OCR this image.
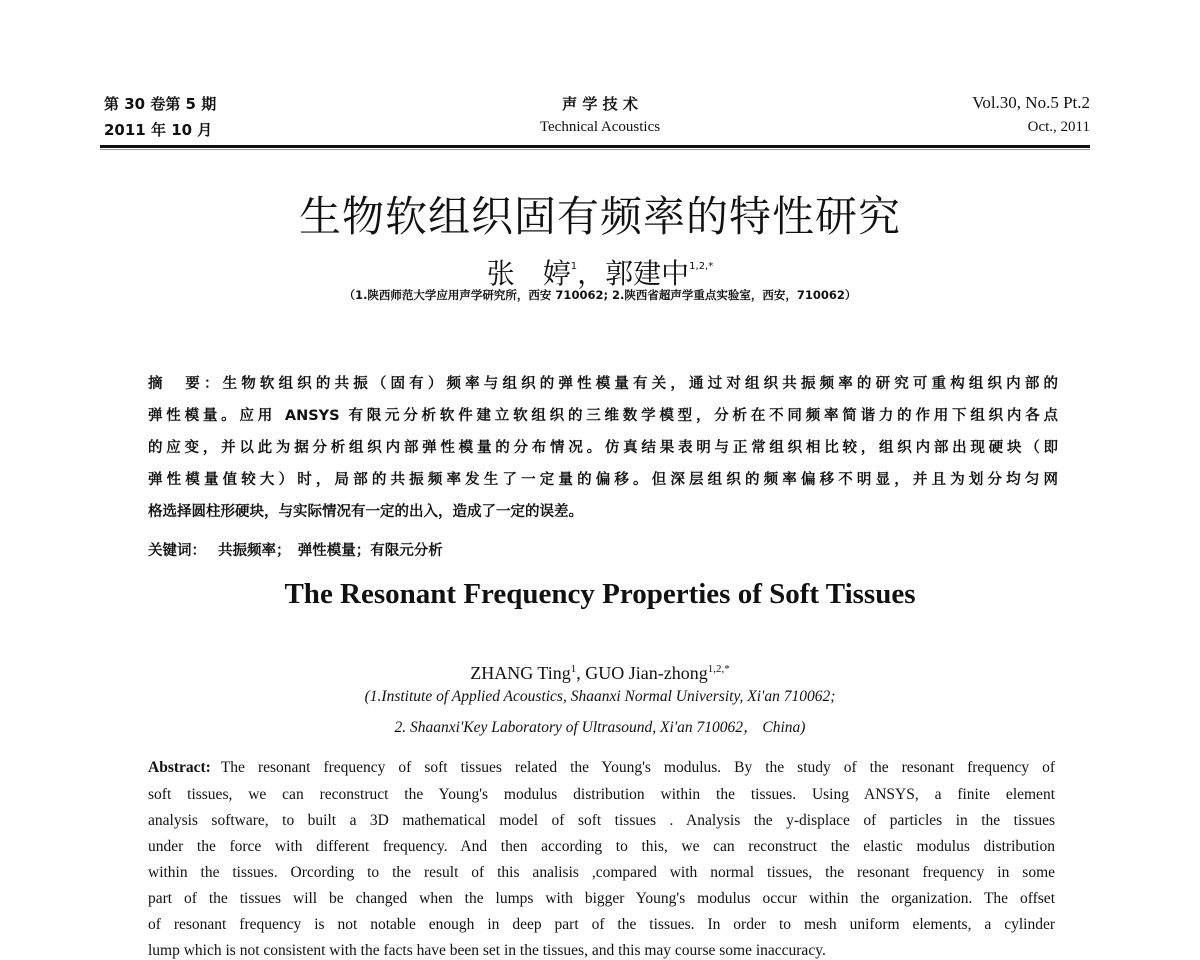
第 30 卷第 5 期
2011 年 10 月
声 学 技 术
Technical Acoustics
Vol.30, No.5 Pt.2
Oct., 2011
生物软组织固有频率的特性研究
张　婷$^1$，郭建中$^{1,2,*}$
（1.陕西师范大学应用声学研究所，西安 710062; 2.陕西省超声学重点实验室，西安，710062）
摘　要：生物软组织的共振（固有）频率与组织的弹性模量有关，通过对组织共振频率的研究可重构组织内部的
弹性模量。应用 ANSYS 有限元分析软件建立软组织的三维数学模型，分析在不同频率简谐力的作用下组织内各点
的应变，并以此为据分析组织内部弹性模量的分布情况。仿真结果表明与正常组织相比较，组织内部出现硬块（即
弹性模量值较大）时，局部的共振频率发生了一定量的偏移。但深层组织的频率偏移不明显，并且为划分均匀网
格选择圆柱形硬块，与实际情况有一定的出入，造成了一定的误差。
关键词： 共振频率；　弹性模量；有限元分析
The Resonant Frequency Properties of Soft Tissues
ZHANG Ting$^1$, GUO Jian-zhong$^{1,2,*}$
(1.Institute of Applied Acoustics, Shaanxi Normal University, Xi'an 710062;
2. Shaanxi'Key Laboratory of Ultrasound, Xi'an 710062， China)
Abstract: The resonant frequency of soft tissues related the Young's modulus. By the study of the resonant frequency of
soft tissues, we can reconstruct the Young's modulus distribution within the tissues. Using ANSYS, a finite element
analysis software, to built a 3D mathematical model of soft tissues . Analysis the y-displace of particles in the tissues
under the force with different frequency. And then according to this, we can reconstruct the elastic modulus distribution
within the tissues. Orcording to the result of this analisis ,compared with normal tissues, the resonant frequency in some
part of the tissues will be changed when the lumps with bigger Young's modulus occur within the organization. The offset
of resonant frequency is not notable enough in deep part of the tissues. In order to mesh uniform elements, a cylinder
lump which is not consistent with the facts have been set in the tissues, and this may course some inaccuracy.
